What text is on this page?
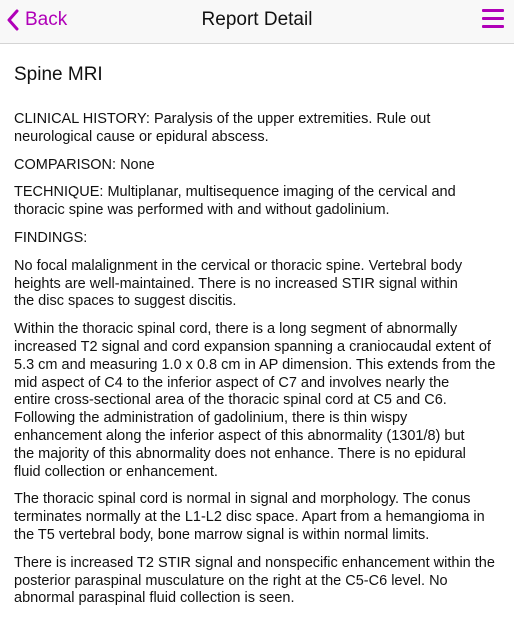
Back	Report Detail
Spine MRI

CLINICAL HISTORY: Paralysis of the upper extremities. Rule out
neurological cause or epidural abscess.

COMPARISON: None

TECHNIQUE: Multiplanar, multisequence imaging of the cervical and
thoracic spine was performed with and without gadolinium.

FINDINGS:

No focal malalignment in the cervical or thoracic spine. Vertebral body
heights are well-maintained. There is no increased STIR signal within
the disc spaces to suggest discitis.

Within the thoracic spinal cord, there is a long segment of abnormally
increased T2 signal and cord expansion spanning a craniocaudal extent of
5.3 cm and measuring 1.0 x 0.8 cm in AP dimension. This extends from the
mid aspect of C4 to the inferior aspect of C7 and involves nearly the
entire cross-sectional area of the thoracic spinal cord at C5 and C6.
Following the administration of gadolinium, there is thin wispy
enhancement along the inferior aspect of this abnormality (1301/8) but
the majority of this abnormality does not enhance. There is no epidural
fluid collection or enhancement.

The thoracic spinal cord is normal in signal and morphology. The conus
terminates normally at the L1-L2 disc space. Apart from a hemangioma in
the T5 vertebral body, bone marrow signal is within normal limits.

There is increased T2 STIR signal and nonspecific enhancement within the
posterior paraspinal musculature on the right at the C5-C6 level. No
abnormal paraspinal fluid collection is seen.
